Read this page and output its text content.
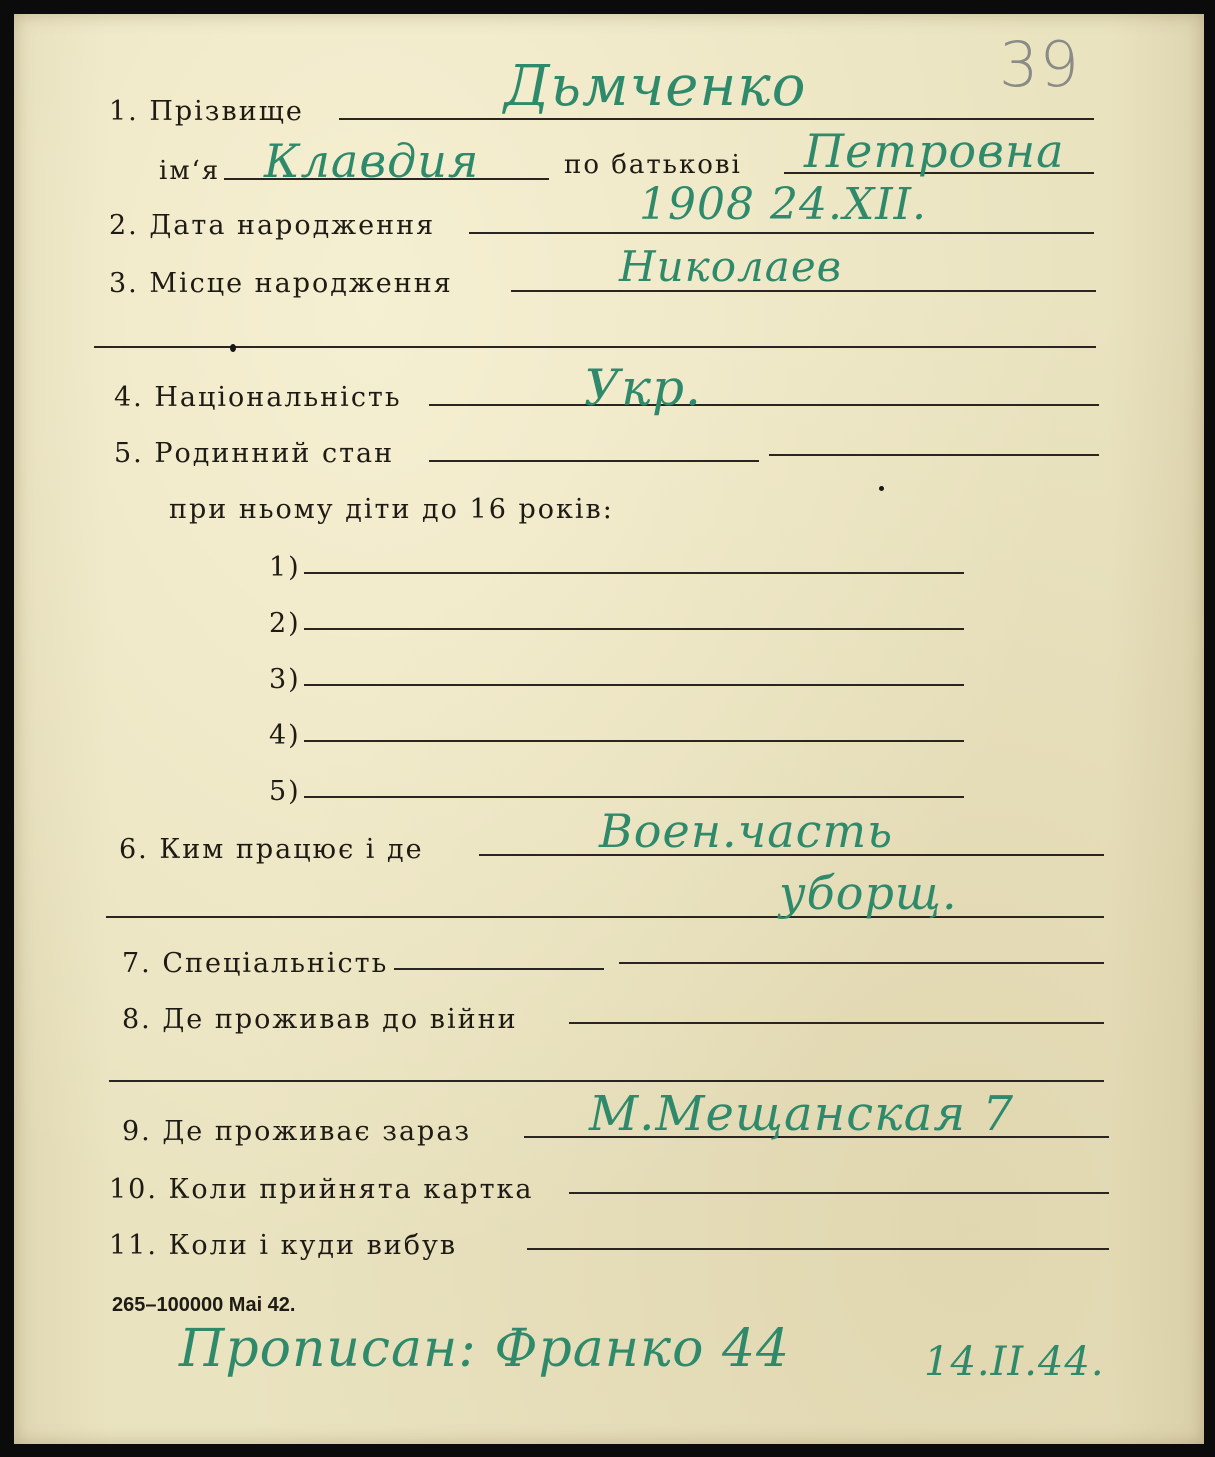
39
1. Прізвище	Дьмченко
ім‘я Клавдия	по батькові Петровна
2. Дата народження	1908 24.XII.
3. Місце народження	Николаев
4. Національність	Укр.
5. Родинний стан
при ньому діти до 16 років:
1)
2)
3)
4)
5)
6. Ким працює і де	Воен.часть
уборщ.
7. Спеціальність
8. Де проживав до війни
9. Де проживає зараз М.Мещанская 7
10. Коли прийнята картка
11. Коли і куди вибув
265–100000 Mai 42.
Прописан: Франко 44	14.II.44.
